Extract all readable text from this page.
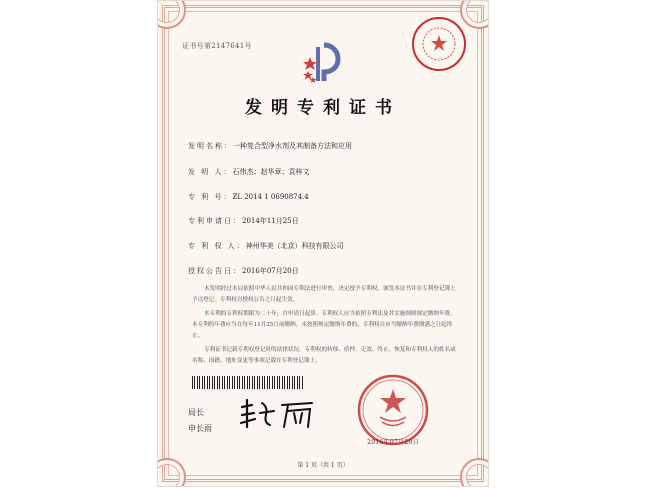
证书号第2147641号
发明专利证书
发明名称：一种复合型净水剂及其制备方法和应用
发 明 人：石伟杰；赵华章；袁梓文
专 利 号：ZL 2014 1 0690874.4
专利申请日：2014年11月25日
专 利 权 人：神州华美（北京）科技有限公司
授权公告日：2016年07月20日

本发明经过本局依照中华人民共和国专利法进行审查，决定授予专利权，颁发本证书并在专利登记簿上予以登记。专利权自授权公告之日起生效。

本专利的专利权期限为二十年，自申请日起算。专利权人应当依照专利法及其实施细则规定缴纳年费。本专利的年费应当在每年11月25日前缴纳。未按照规定缴纳年费的，专利权自应当缴纳年费期满之日起终止。

专利证书记载专利权登记时的法律状况。专利权的转移、质押、无效、终止、恢复和专利权人的姓名或名称、国籍、地址变更等事项记载在专利登记簿上。

局长
申长雨
2016年07月20日
第 1 页（共 1 页）
